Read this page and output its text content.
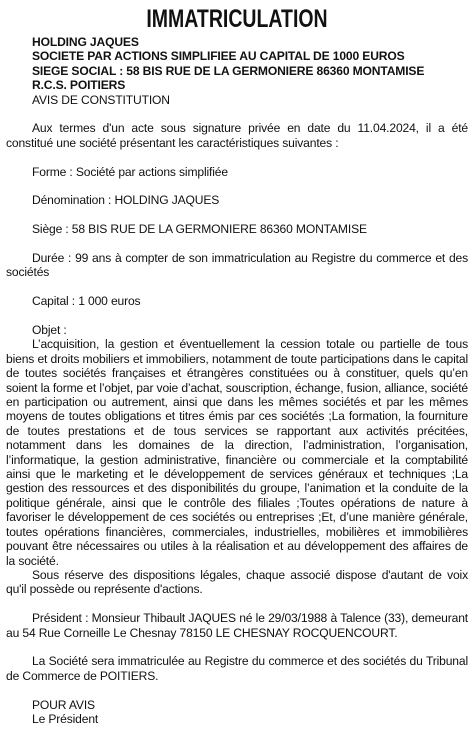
IMMATRICULATION
HOLDING JAQUES
SOCIETE PAR ACTIONS SIMPLIFIEE AU CAPITAL DE 1000 EUROS
SIEGE SOCIAL : 58 BIS RUE DE LA GERMONIERE 86360 MONTAMISE
R.C.S. POITIERS
AVIS DE CONSTITUTION

Aux termes d'un acte sous signature privée en date du 11.04.2024, il a été constitué une société présentant les caractéristiques suivantes :

Forme : Société par actions simplifiée
Dénomination : HOLDING JAQUES
Siège : 58 BIS RUE DE LA GERMONIERE 86360 MONTAMISE

Durée : 99 ans à compter de son immatriculation au Registre du commerce et des sociétés

Capital : 1 000 euros
Objet :

L’acquisition, la gestion et éventuellement la cession totale ou partielle de tous biens et droits mobiliers et immobiliers, notamment de toute participations dans le capital de toutes sociétés françaises et étrangères constituées ou à constituer, quels qu’en soient la forme et l’objet, par voie d’achat, souscription, échange, fusion, alliance, société en participation ou autrement, ainsi que dans les mêmes sociétés et par les mêmes moyens de toutes obligations et titres émis par ces sociétés ;La formation, la fourniture de toutes prestations et de tous services se rapportant aux activités précitées, notamment dans les domaines de la direction, l’administration, l’organisation, l’informatique, la gestion administrative, financière ou commerciale et la comptabilité ainsi que le marketing et le développement de services généraux et techniques ;La gestion des ressources et des disponibilités du groupe, l’animation et la conduite de la politique générale, ainsi que le contrôle des filiales ;Toutes opérations de nature à favoriser le développement de ces sociétés ou entreprises ;Et, d’une manière générale, toutes opérations financières, commerciales, industrielles, mobilières et immobilières pouvant être nécessaires ou utiles à la réalisation et au développement des affaires de la société.

Sous réserve des dispositions légales, chaque associé dispose d'autant de voix qu'il possède ou représente d'actions.

Président : Monsieur Thibault JAQUES né le 29/03/1988 à Talence (33), demeurant au 54 Rue Corneille Le Chesnay 78150 LE CHESNAY ROCQUENCOURT.

La Société sera immatriculée au Registre du commerce et des sociétés du Tribunal de Commerce de POITIERS.

POUR AVIS
Le Président
